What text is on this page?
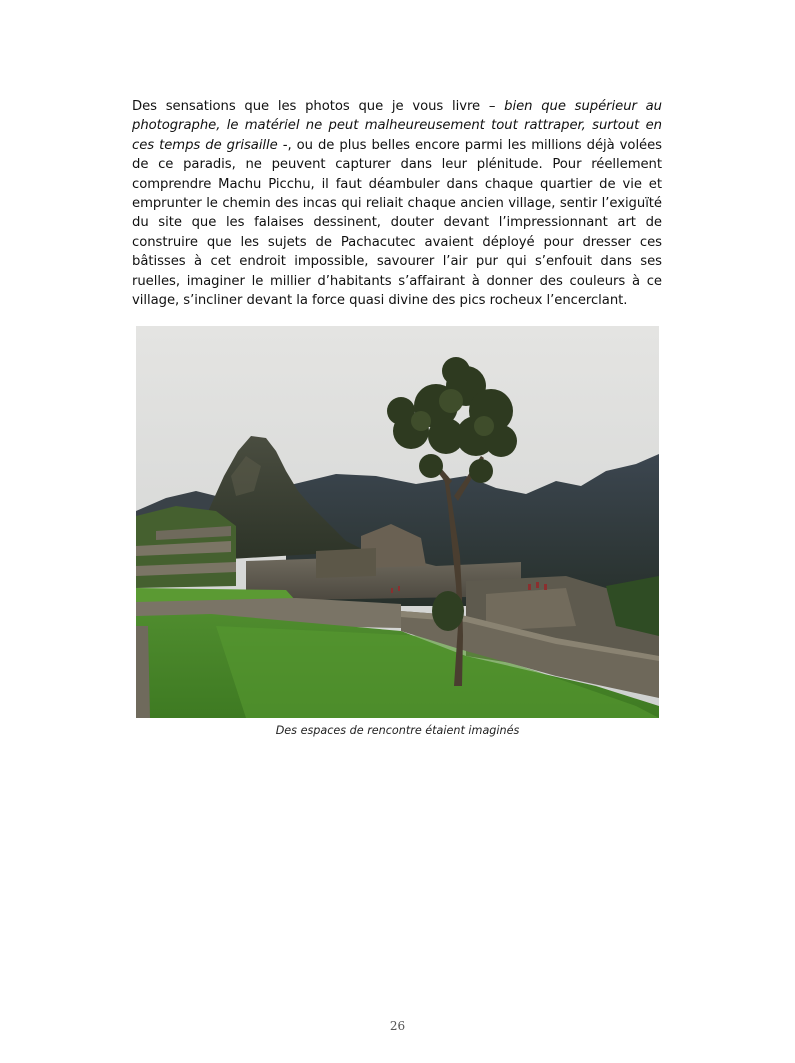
Des sensations que les photos que je vous livre – bien que supérieur au photographe, le matériel ne peut malheureusement tout rattraper, surtout en ces temps de grisaille -, ou de plus belles encore parmi les millions déjà volées de ce paradis, ne peuvent capturer dans leur plénitude. Pour réellement comprendre Machu Picchu, il faut déambuler dans chaque quartier de vie et emprunter le chemin des incas qui reliait chaque ancien village, sentir l’exiguïté du site que les falaises dessinent, douter devant l’impressionnant art de construire que les sujets de Pachacutec avaient déployé pour dresser ces bâtisses à cet endroit impossible, savourer l’air pur qui s’enfouit dans ses ruelles, imaginer le millier d’habitants s’affairant à donner des couleurs à ce village, s’incliner devant la force quasi divine des pics rocheux l’encerclant.

Des espaces de rencontre étaient imaginés

26
